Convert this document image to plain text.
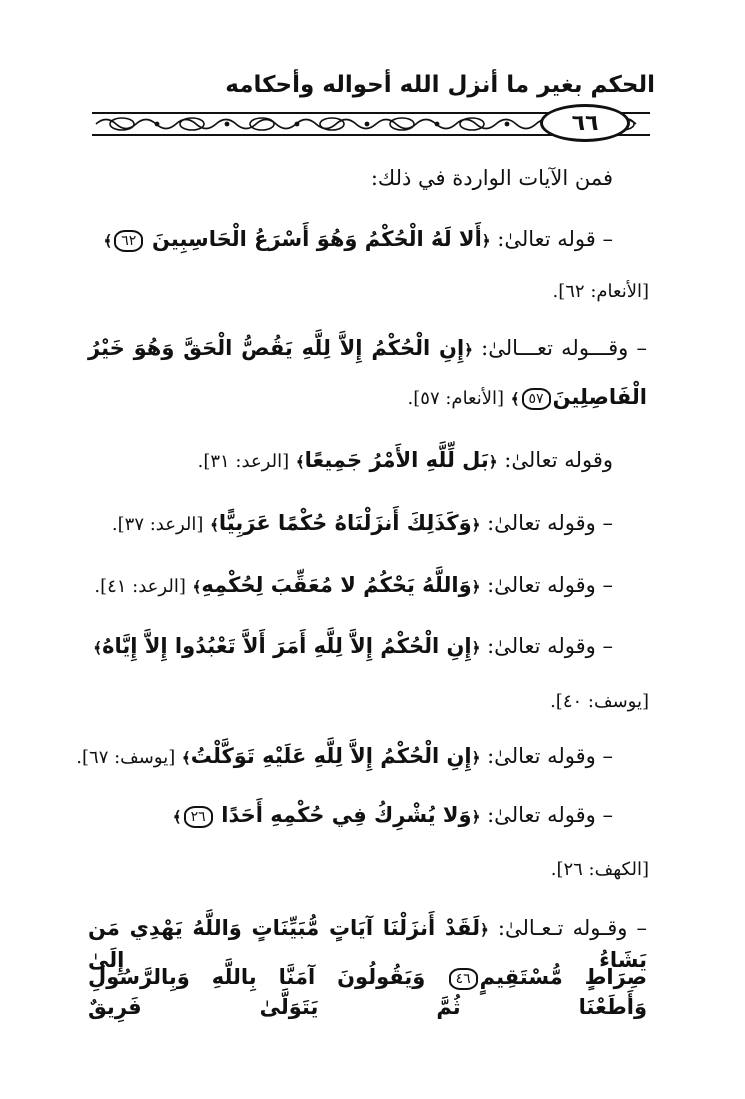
الحكم بغير ما أنزل الله أحواله وأحكامه
٦٦
فمن الآيات الواردة في ذلك:
– قوله تعالىٰ: ﴿أَلا لَهُ الْحُكْمُ وَهُوَ أَسْرَعُ الْحَاسِبِينَ ٦٢﴾
[الأنعام: ٦٢].
– وقـــوله تعـــالىٰ: ﴿إِنِ الْحُكْمُ إِلاَّ لِلَّهِ يَقُصُّ الْحَقَّ وَهُوَ خَيْرُ
الْفَاصِلِينَ٥٧﴾ [الأنعام: ٥٧].
وقوله تعالىٰ: ﴿بَل لِّلَّهِ الأَمْرُ جَمِيعًا﴾ [الرعد: ٣١].
– وقوله تعالىٰ: ﴿وَكَذَلِكَ أَنزَلْنَاهُ حُكْمًا عَرَبِيًّا﴾ [الرعد: ٣٧].
– وقوله تعالىٰ: ﴿وَاللَّهُ يَحْكُمُ لا مُعَقِّبَ لِحُكْمِهِ﴾ [الرعد: ٤١].
– وقوله تعالىٰ: ﴿إِنِ الْحُكْمُ إِلاَّ لِلَّهِ أَمَرَ أَلاَّ تَعْبُدُوا إِلاَّ إِيَّاهُ﴾
[يوسف: ٤٠].
– وقوله تعالىٰ: ﴿إِنِ الْحُكْمُ إِلاَّ لِلَّهِ عَلَيْهِ تَوَكَّلْتُ﴾ [يوسف: ٦٧].
– وقوله تعالىٰ: ﴿وَلا يُشْرِكُ فِي حُكْمِهِ أَحَدًا ٢٦﴾
[الكهف: ٢٦].
– وقـوله تـعـالىٰ: ﴿لَقَدْ أَنزَلْنَا آيَاتٍ مُّبَيِّنَاتٍ وَاللَّهُ يَهْدِي مَن يَشَاءُ إِلَىٰ
صِرَاطٍ مُّسْتَقِيمٍ٤٦ وَيَقُولُونَ آمَنَّا بِاللَّهِ وَبِالرَّسُولِ وَأَطَعْنَا ثُمَّ يَتَوَلَّىٰ فَرِيقٌ
